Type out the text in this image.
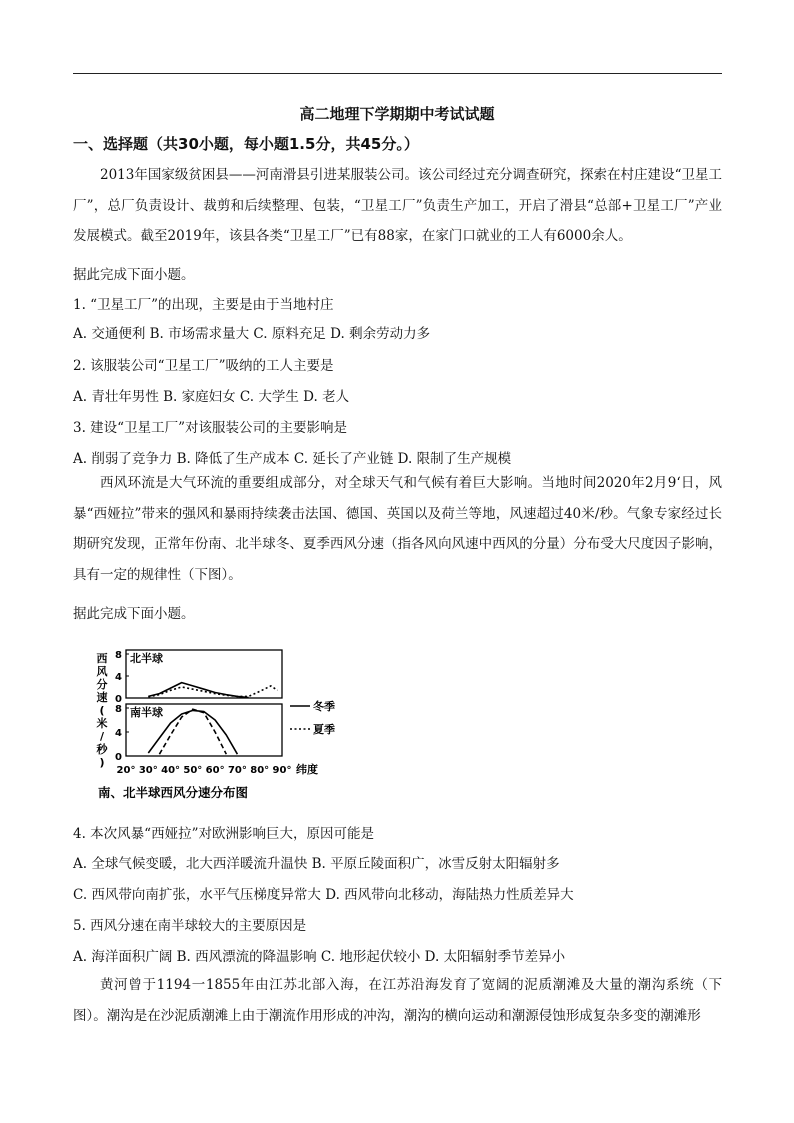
高二地理下学期期中考试试题
一、选择题（共30小题，每小题1.5分，共45分。）

2013年国家级贫困县——河南滑县引进某服装公司。该公司经过充分调查研究，探索在村庄建设“卫星工厂”，总厂负责设计、裁剪和后续整理、包装，“卫星工厂”负责生产加工，开启了滑县“总部+卫星工厂”产业发展模式。截至2019年，该县各类“卫星工厂”已有88家，在家门口就业的工人有6000余人。

据此完成下面小题。

1. “卫星工厂”的出现，主要是由于当地村庄

A. 交通便利 B. 市场需求量大 C. 原料充足 D. 剩余劳动力多

2. 该服装公司“卫星工厂”吸纳的工人主要是

A. 青壮年男性 B. 家庭妇女 C. 大学生 D. 老人

3. 建设“卫星工厂”对该服装公司的主要影响是

A. 削弱了竞争力 B. 降低了生产成本 C. 延长了产业链 D. 限制了生产规模

西风环流是大气环流的重要组成部分，对全球天气和气候有着巨大影响。当地时间2020年2月9‘日，风暴“西娅拉”带来的强风和暴雨持续袭击法国、德国、英国以及荷兰等地，风速超过40米/秒。气象专家经过长期研究发现，正常年份南、北半球冬、夏季西风分速（指各风向风速中西风的分量）分布受大尺度因子影响，具有一定的规律性（下图）。

据此完成下面小题。

西
风
分
速
(
米
/
秒
)
北半球
8
4
0
南半球
8
4
0
20° 30° 40° 50° 60° 70° 80° 90° 纬度
冬季
夏季
南、北半球西风分速分布图

4. 本次风暴“西娅拉”对欧洲影响巨大，原因可能是

A. 全球气候变暖，北大西洋暖流升温快 B. 平原丘陵面积广，冰雪反射太阳辐射多

C. 西风带向南扩张，水平气压梯度异常大 D. 西风带向北移动，海陆热力性质差异大

5. 西风分速在南半球较大的主要原因是

A. 海洋面积广阔 B. 西风漂流的降温影响 C. 地形起伏较小 D. 太阳辐射季节差异小

黄河曾于1194一1855年由江苏北部入海，在江苏沿海发育了宽阔的泥质潮滩及大量的潮沟系统（下图）。潮沟是在沙泥质潮滩上由于潮流作用形成的冲沟，潮沟的横向运动和潮源侵蚀形成复杂多变的潮滩形
